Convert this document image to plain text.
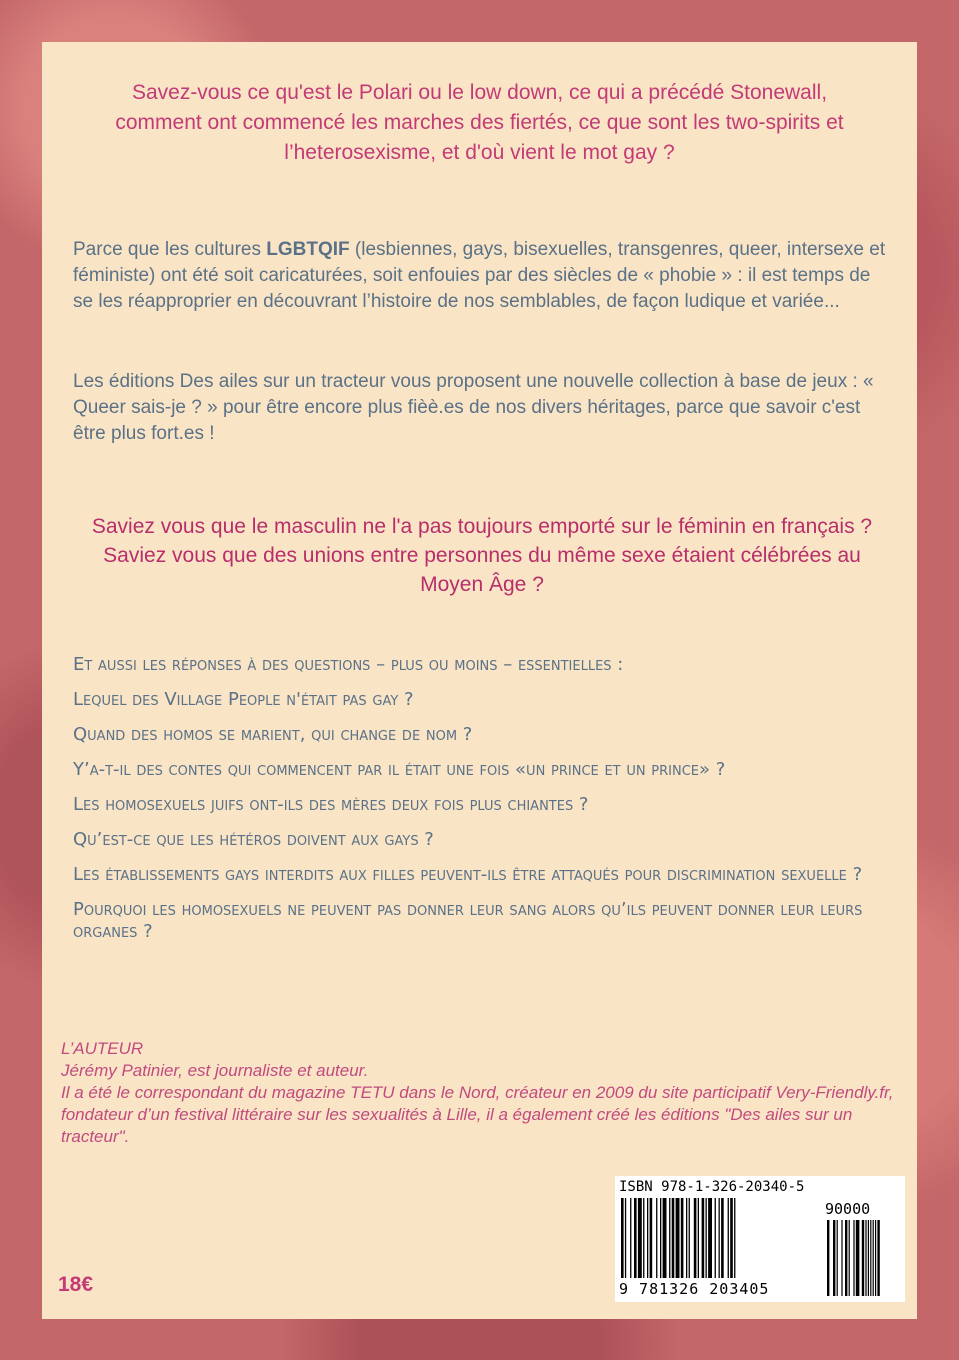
Savez-vous ce qu'est le Polari ou le low down, ce qui a précédé Stonewall, comment ont commencé les marches des fiertés, ce que sont les two-spirits et l’heterosexisme, et d'où vient le mot gay ?

Parce que les cultures LGBTQIF (lesbiennes, gays, bisexuelles, transgenres, queer, intersexe et féministe) ont été soit caricaturées, soit enfouies par des siècles de « phobie » : il est temps de se les réapproprier en découvrant l’histoire de nos semblables, de façon ludique et variée...

Les éditions Des ailes sur un tracteur vous proposent une nouvelle collection à base de jeux : « Queer sais-je ? » pour être encore plus fièè.es de nos divers héritages, parce que savoir c'est être plus fort.es !

Saviez vous que le masculin ne l'a pas toujours emporté sur le féminin en français ?
Saviez vous que des unions entre personnes du même sexe étaient célébrées au Moyen Âge ?

Et aussi les réponses à des questions – plus ou moins – essentielles :

Lequel des Village People n'était pas gay ?

Quand des homos se marient, qui change de nom ?

Y’a-t-il des contes qui commencent par il était une fois «un prince et un prince» ?

Les homosexuels juifs ont-ils des mères deux fois plus chiantes ?

Qu’est-ce que les hétéros doivent aux gays ?

Les établissements gays interdits aux filles peuvent-ils être attaqués pour discrimination sexuelle ?

Pourquoi les homosexuels ne peuvent pas donner leur sang alors qu’ils peuvent donner leur leurs organes ?

L’AUTEUR

Jérémy Patinier, est journaliste et auteur.

Il a été le correspondant du magazine TETU dans le Nord, créateur en 2009 du site participatif Very-Friendly.fr, fondateur d’un festival littéraire sur les sexualités à Lille, il a également créé les éditions "Des ailes sur un tracteur".

18€
ISBN 978-1-326-20340-5
90000
9 781326 203405
